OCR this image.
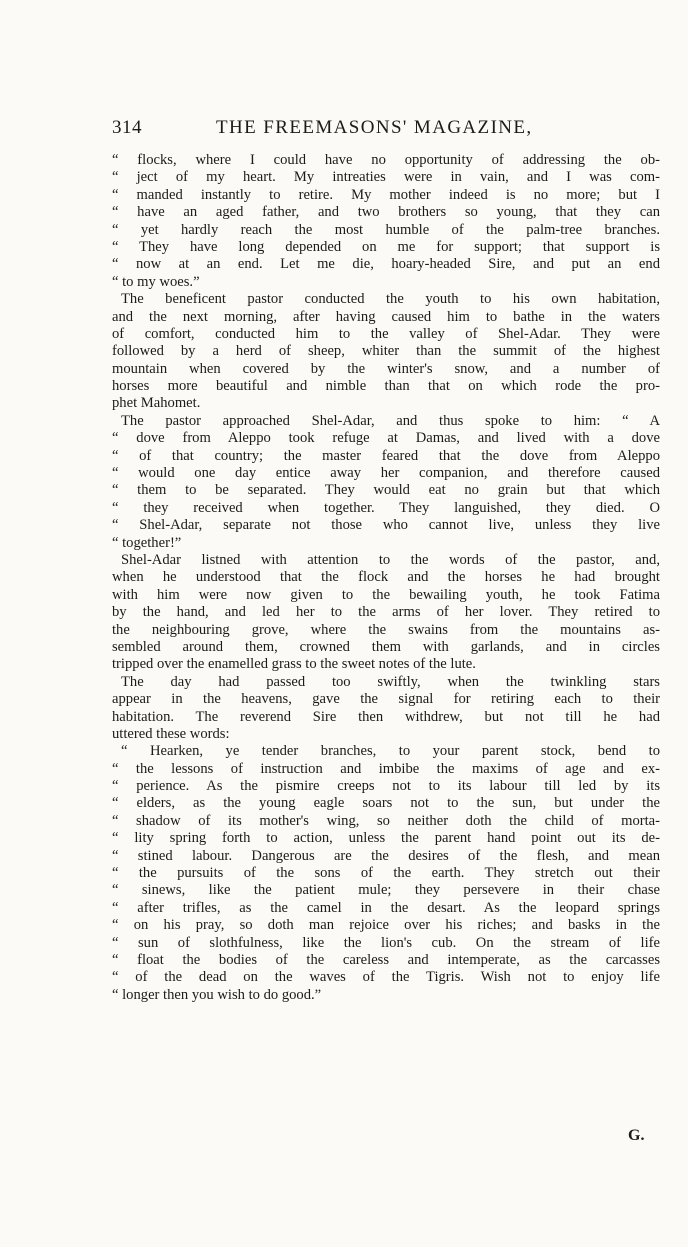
314	THE FREEMASONS' MAGAZINE,
“ flocks, where I could have no opportunity of addressing the ob-
“ ject of my heart. My intreaties were in vain, and I was com-
“ manded instantly to retire. My mother indeed is no more; but I
“ have an aged father, and two brothers so young, that they can
“ yet hardly reach the most humble of the palm-tree branches.
“ They have long depended on me for support; that support is
“ now at an end. Let me die, hoary-headed Sire, and put an end
“ to my woes.”
The beneficent pastor conducted the youth to his own habitation,
and the next morning, after having caused him to bathe in the waters
of comfort, conducted him to the valley of Shel-Adar. They were
followed by a herd of sheep, whiter than the summit of the highest
mountain when covered by the winter's snow, and a number of
horses more beautiful and nimble than that on which rode the pro-
phet Mahomet.
The pastor approached Shel-Adar, and thus spoke to him: “ A
“ dove from Aleppo took refuge at Damas, and lived with a dove
“ of that country; the master feared that the dove from Aleppo
“ would one day entice away her companion, and therefore caused
“ them to be separated. They would eat no grain but that which
“ they received when together. They languished, they died. O
“ Shel-Adar, separate not those who cannot live, unless they live
“ together!”
Shel-Adar listned with attention to the words of the pastor, and,
when he understood that the flock and the horses he had brought
with him were now given to the bewailing youth, he took Fatima
by the hand, and led her to the arms of her lover. They retired to
the neighbouring grove, where the swains from the mountains as-
sembled around them, crowned them with garlands, and in circles
tripped over the enamelled grass to the sweet notes of the lute.
The day had passed too swiftly, when the twinkling stars
appear in the heavens, gave the signal for retiring each to their
habitation. The reverend Sire then withdrew, but not till he had
uttered these words:
“ Hearken, ye tender branches, to your parent stock, bend to
“ the lessons of instruction and imbibe the maxims of age and ex-
“ perience. As the pismire creeps not to its labour till led by its
“ elders, as the young eagle soars not to the sun, but under the
“ shadow of its mother's wing, so neither doth the child of morta-
“ lity spring forth to action, unless the parent hand point out its de-
“ stined labour. Dangerous are the desires of the flesh, and mean
“ the pursuits of the sons of the earth. They stretch out their
“ sinews, like the patient mule; they persevere in their chase
“ after trifles, as the camel in the desart. As the leopard springs
“ on his pray, so doth man rejoice over his riches; and basks in the
“ sun of slothfulness, like the lion's cub. On the stream of life
“ float the bodies of the careless and intemperate, as the carcasses
“ of the dead on the waves of the Tigris. Wish not to enjoy life
“ longer then you wish to do good.”
G.
